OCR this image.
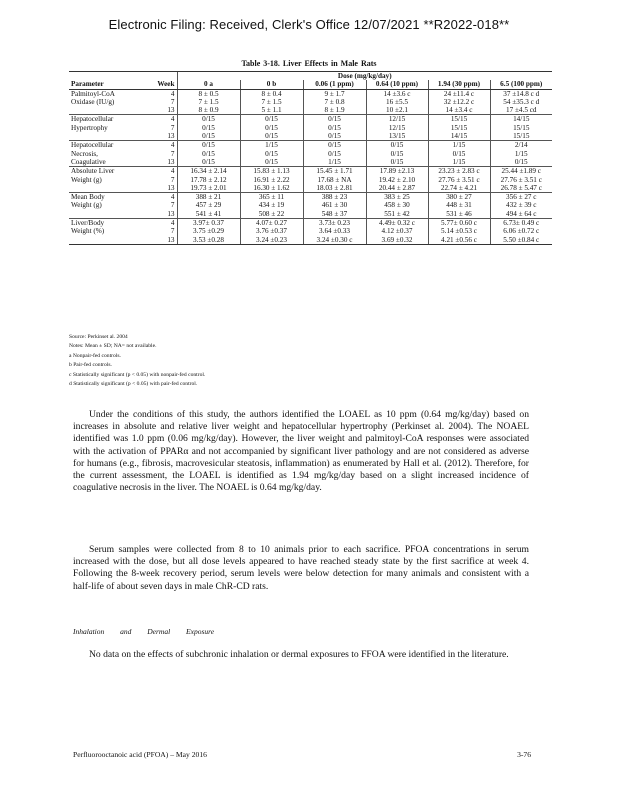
Electronic Filing: Received, Clerk's Office 12/07/2021 **R2022-018**
Table 3-18. Liver Effects in Male Rats
		Dose (mg/kg/day)					
Parameter	Week	0 a	0 b	0.06 (1 ppm)	0.64 (10 ppm)	1.94 (30 ppm)	6.5 (100 ppm)
Palmitoyl-CoA	4	8 ± 0.5	8 ± 0.4	9 ± 1.7	14 ±3.6 c	24 ±11.4 c	37 ±14.8 c d
Oxidase (IU/g)	7	7 ± 1.5	7 ± 1.5	7 ± 0.8	16 ±5.5	32 ±12.2 c	54 ±35.3 c d
	13	8 ± 0.9	5 ± 1.1	8 ± 1.9	10 ±2.1	14 ±3.4 c	17 ±4.5 cd
Hepatocellular	4	0/15	0/15	0/15	12/15	15/15	14/15
Hypertrophy	7	0/15	0/15	0/15	12/15	15/15	15/15
	13	0/15	0/15	0/15	13/15	14/15	15/15
Hepatocellular	4	0/15	1/15	0/15	0/15	1/15	2/14
Necrosis,	7	0/15	0/15	0/15	0/15	0/15	1/15
Coagulative	13	0/15	0/15	1/15	0/15	1/15	0/15
Absolute Liver	4	16.34 ± 2.14	15.83 ± 1.13	15.45 ± 1.71	17.89 ±2.13	23.23 ± 2.83 c	25.44 ±1.89 c
Weight (g)	7	17.78 ± 2.12	16.91 ± 2.22	17.68 ± NA	19.42 ± 2.10	27.76 ± 3.51 c	27.76 ± 3.51 c
	13	19.73 ± 2.01	16.30 ± 1.62	18.03 ± 2.81	20.44 ± 2.87	22.74 ± 4.21	26.78 ± 5.47 c
Mean Body	4	388 ± 21	365 ± 11	388 ± 23	383 ± 25	380 ± 27	356 ± 27 c
Weight (g)	7	457 ± 29	434 ± 19	461 ± 30	458 ± 30	448 ± 31	432 ± 39 c
	13	541 ± 41	508 ± 22	548 ± 37	551 ± 42	531 ± 46	494 ± 64 c
Liver/Body	4	3.97± 0.37	4.07± 0.27	3.73± 0.23	4.49± 0.32 c	5.77± 0.60 c	6.73± 0.49 c
Weight (%)	7	3.75 ±0.29	3.76 ±0.37	3.64 ±0.33	4.12 ±0.37	5.14 ±0.53 c	6.06 ±0.72 c
	13	3.53 ±0.28	3.24 ±0.23	3.24 ±0.30 c	3.69 ±0.32	4.21 ±0.56 c	5.50 ±0.84 c
Source: Perkinset al. 2004
Notes: Mean ± SD; NA= not available.
a Nonpair-fed controls.
b Pair-fed controls.
c Statistically significant (p < 0.05) with nonpair-fed control.
d Statistically significant (p < 0.05) with pair-fed control.
Under the conditions of this study, the authors identified the LOAEL as 10 ppm (0.64 mg/kg/day) based on increases in absolute and relative liver weight and hepatocellular hypertrophy (Perkinset al. 2004). The NOAEL identified was 1.0 ppm (0.06 mg/kg/day). However, the liver weight and palmitoyl-CoA responses were associated with the activation of PPARα and not accompanied by significant liver pathology and are not considered as adverse for humans (e.g., fibrosis, macrovesicular steatosis, inflammation) as enumerated by Hall et al. (2012). Therefore, for the current assessment, the LOAEL is identified as 1.94 mg/kg/day based on a slight increased incidence of coagulative necrosis in the liver. The NOAEL is 0.64 mg/kg/day.
Serum samples were collected from 8 to 10 animals prior to each sacrifice. PFOA concentrations in serum increased with the dose, but all dose levels appeared to have reached steady state by the first sacrifice at week 4. Following the 8-week recovery period, serum levels were below detection for many animals and consistent with a half-life of about seven days in male ChR-CD rats.
Inhalation and Dermal Exposure
No data on the effects of subchronic inhalation or dermal exposures to FFOA were identified in the literature.
Perfluorooctanoic acid (PFOA) – May 2016	3-76
